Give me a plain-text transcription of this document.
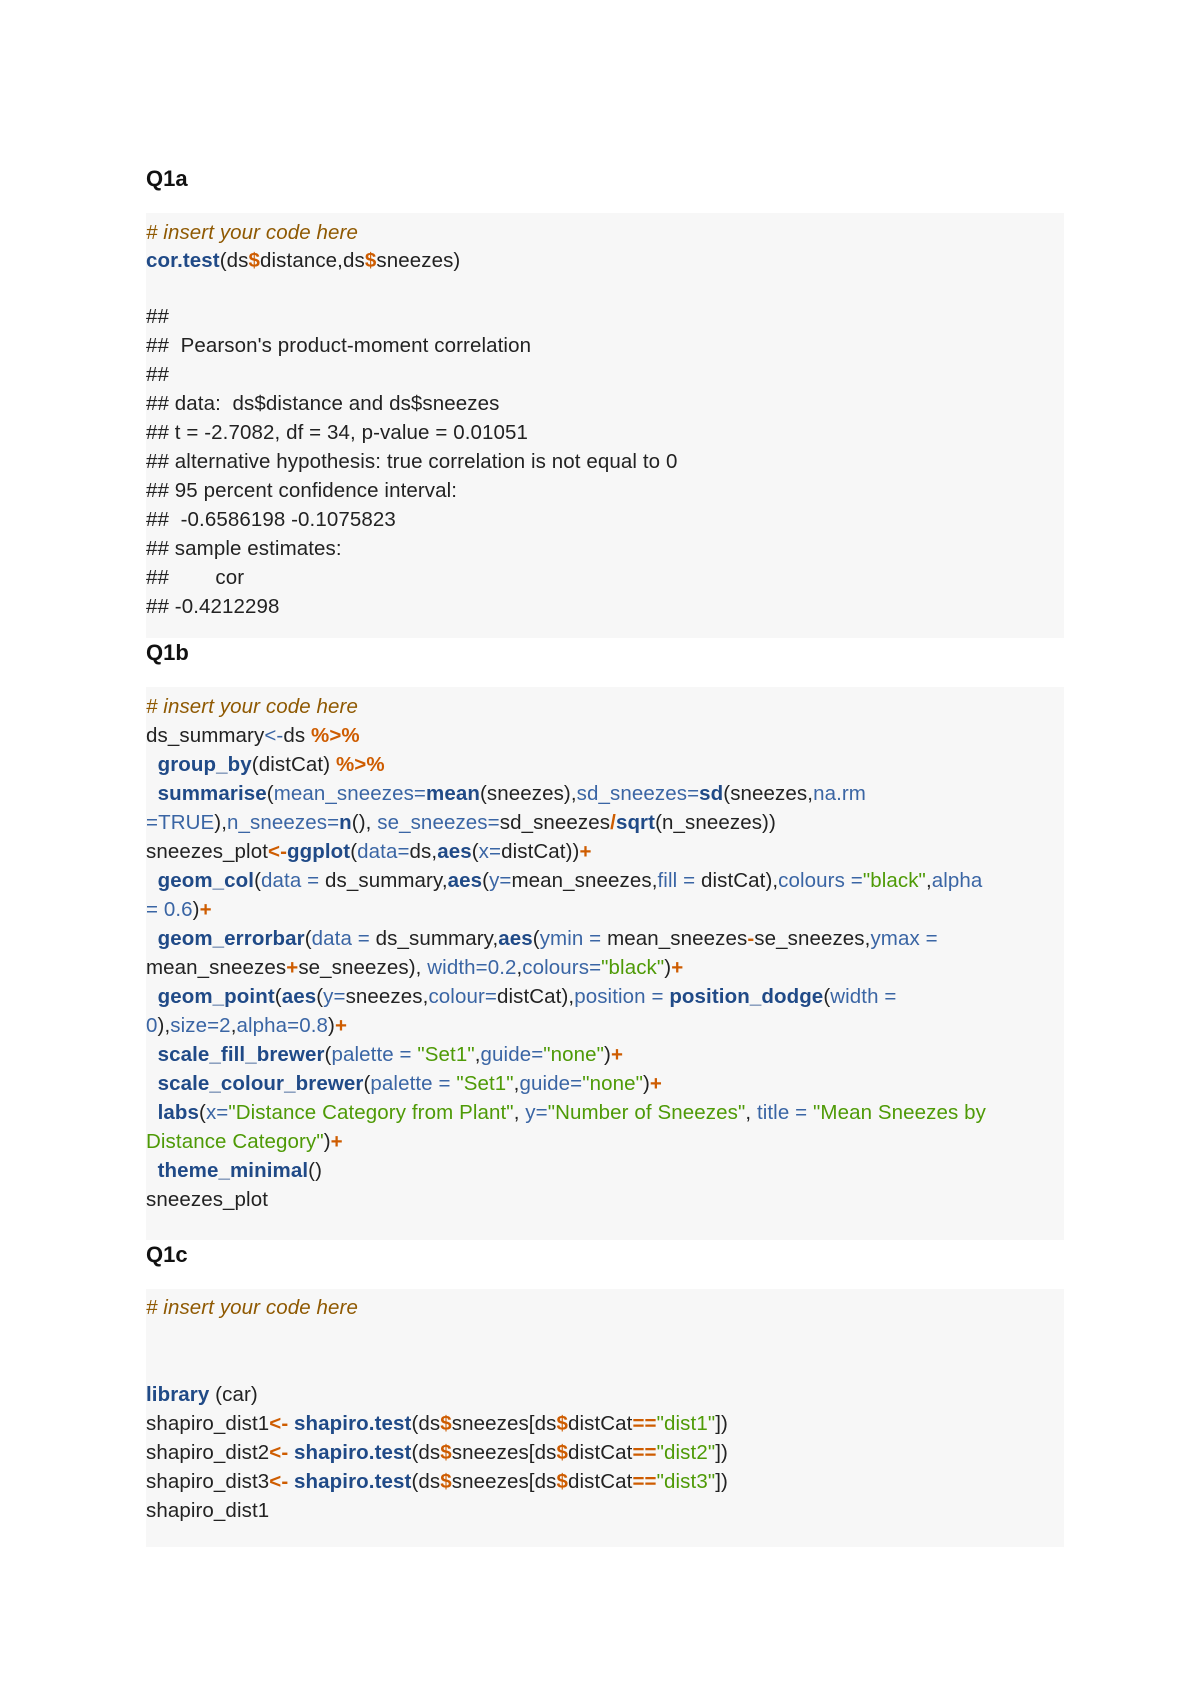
Q1a
# insert your code here
cor.test(ds$distance,ds$sneezes)
##
##  Pearson's product-moment correlation
##
## data:  ds$distance and ds$sneezes
## t = -2.7082, df = 34, p-value = 0.01051
## alternative hypothesis: true correlation is not equal to 0
## 95 percent confidence interval:
##  -0.6586198 -0.1075823
## sample estimates:
##        cor
## -0.4212298
Q1b
# insert your code here
ds_summary<-ds %>%
group_by(distCat) %>%
summarise(mean_sneezes=mean(sneezes),sd_sneezes=sd(sneezes,na.rm
=TRUE),n_sneezes=n(), se_sneezes=sd_sneezes/sqrt(n_sneezes))
sneezes_plot<-ggplot(data=ds,aes(x=distCat))+
geom_col(data = ds_summary,aes(y=mean_sneezes,fill = distCat),colours ="black",alpha
= 0.6)+
geom_errorbar(data = ds_summary,aes(ymin = mean_sneezes-se_sneezes,ymax =
mean_sneezes+se_sneezes), width=0.2,colours="black")+
geom_point(aes(y=sneezes,colour=distCat),position = position_dodge(width =
0),size=2,alpha=0.8)+
scale_fill_brewer(palette = "Set1",guide="none")+
scale_colour_brewer(palette = "Set1",guide="none")+
labs(x="Distance Category from Plant", y="Number of Sneezes", title = "Mean Sneezes by
Distance Category")+
theme_minimal()
sneezes_plot
Q1c
# insert your code here
library (car)
shapiro_dist1<- shapiro.test(ds$sneezes[ds$distCat=="dist1"])
shapiro_dist2<- shapiro.test(ds$sneezes[ds$distCat=="dist2"])
shapiro_dist3<- shapiro.test(ds$sneezes[ds$distCat=="dist3"])
shapiro_dist1
